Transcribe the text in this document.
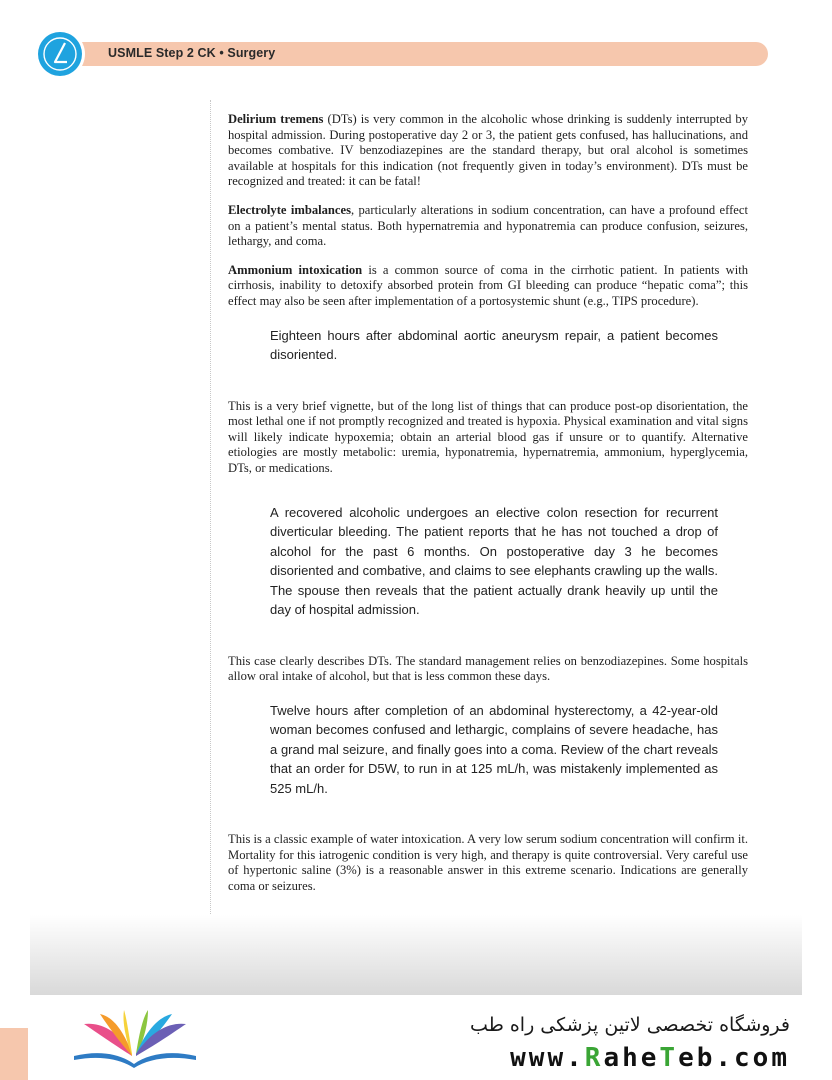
USMLE Step 2 CK • Surgery

Delirium tremens (DTs) is very common in the alcoholic whose drinking is suddenly interrupted by hospital admission. During postoperative day 2 or 3, the patient gets confused, has hallucinations, and becomes combative. IV benzodiazepines are the standard therapy, but oral alcohol is sometimes available at hospitals for this indication (not frequently given in today’s environment). DTs must be recognized and treated: it can be fatal!

Electrolyte imbalances, particularly alterations in sodium concentration, can have a profound effect on a patient’s mental status. Both hypernatremia and hyponatremia can produce confusion, seizures, lethargy, and coma.

Ammonium intoxication is a common source of coma in the cirrhotic patient. In patients with cirrhosis, inability to detoxify absorbed protein from GI bleeding can produce “hepatic coma”; this effect may also be seen after implementation of a portosystemic shunt (e.g., TIPS procedure).

Eighteen hours after abdominal aortic aneurysm repair, a patient becomes disoriented.

This is a very brief vignette, but of the long list of things that can produce post-op disorientation, the most lethal one if not promptly recognized and treated is hypoxia. Physical examination and vital signs will likely indicate hypoxemia; obtain an arterial blood gas if unsure or to quantify. Alternative etiologies are mostly metabolic: uremia, hyponatremia, hypernatremia, ammonium, hyperglycemia, DTs, or medications.

A recovered alcoholic undergoes an elective colon resection for recurrent diverticular bleeding. The patient reports that he has not touched a drop of alcohol for the past 6 months. On postoperative day 3 he becomes disoriented and combative, and claims to see elephants crawling up the walls. The spouse then reveals that the patient actually drank heavily up until the day of hospital admission.

This case clearly describes DTs. The standard management relies on benzodiazepines. Some hospitals allow oral intake of alcohol, but that is less common these days.

Twelve hours after completion of an abdominal hysterectomy, a 42-year-old woman becomes confused and lethargic, complains of severe headache, has a grand mal seizure, and finally goes into a coma. Review of the chart reveals that an order for D5W, to run in at 125 mL/h, was mistakenly implemented as 525 mL/h.

This is a classic example of water intoxication. A very low serum sodium concentration will confirm it. Mortality for this iatrogenic condition is very high, and therapy is quite controversial. Very careful use of hypertonic saline (3%) is a reasonable answer in this extreme scenario. Indications are generally coma or seizures.

فروشگاه تخصصی لاتین پزشکی راه طب
www.RaheTeb.com
